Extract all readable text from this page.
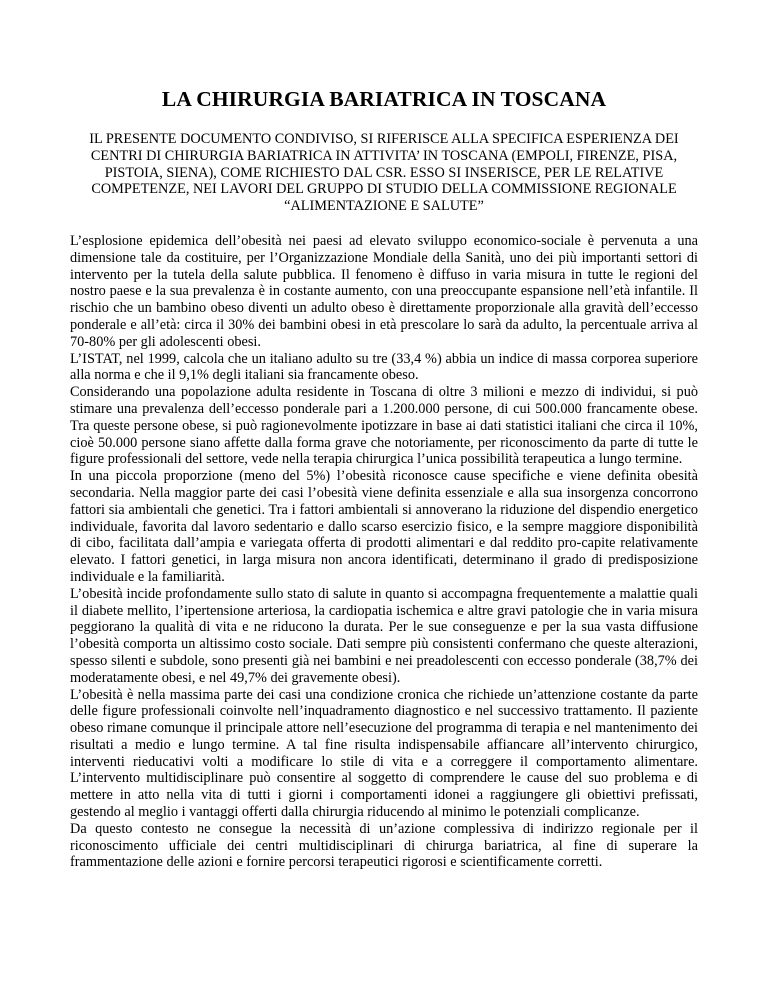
LA CHIRURGIA BARIATRICA IN TOSCANA

IL PRESENTE DOCUMENTO CONDIVISO, SI RIFERISCE ALLA SPECIFICA ESPERIENZA DEI CENTRI DI CHIRURGIA BARIATRICA IN ATTIVITA’ IN TOSCANA (EMPOLI, FIRENZE, PISA, PISTOIA, SIENA), COME RICHIESTO DAL CSR. ESSO SI INSERISCE, PER LE RELATIVE COMPETENZE, NEI LAVORI DEL GRUPPO DI STUDIO DELLA COMMISSIONE REGIONALE “ALIMENTAZIONE E SALUTE”

L’esplosione epidemica dell’obesità nei paesi ad elevato sviluppo economico-sociale è pervenuta a una dimensione tale da costituire, per l’Organizzazione Mondiale della Sanità, uno dei più importanti settori di intervento per la tutela della salute pubblica. Il fenomeno è diffuso in varia misura in tutte le regioni del nostro paese e la sua prevalenza è in costante aumento, con una preoccupante espansione nell’età infantile. Il rischio che un bambino obeso diventi un adulto obeso è direttamente proporzionale alla gravità dell’eccesso ponderale e all’età: circa il 30% dei bambini obesi in età prescolare lo sarà da adulto, la percentuale arriva al 70-80% per gli adolescenti obesi.

L’ISTAT, nel 1999, calcola che un italiano adulto su tre (33,4 %) abbia un indice di massa corporea superiore alla norma e che il 9,1% degli italiani sia francamente obeso.

Considerando una popolazione adulta residente in Toscana di oltre 3 milioni e mezzo di individui, si può stimare una prevalenza dell’eccesso ponderale pari a 1.200.000 persone, di cui 500.000 francamente obese. Tra queste persone obese, si può ragionevolmente ipotizzare in base ai dati statistici italiani che circa il 10%, cioè 50.000 persone siano affette dalla forma grave che notoriamente, per riconoscimento da parte di tutte le figure professionali del settore, vede nella terapia chirurgica l’unica possibilità terapeutica a lungo termine.

In una piccola proporzione (meno del 5%) l’obesità riconosce cause specifiche e viene definita obesità secondaria. Nella maggior parte dei casi l’obesità viene definita essenziale e alla sua insorgenza concorrono fattori sia ambientali che genetici. Tra i fattori ambientali si annoverano la riduzione del dispendio energetico individuale, favorita dal lavoro sedentario e dallo scarso esercizio fisico, e la sempre maggiore disponibilità di cibo, facilitata dall’ampia e variegata offerta di prodotti alimentari e dal reddito pro-capite relativamente elevato. I fattori genetici, in larga misura non ancora identificati, determinano il grado di predisposizione individuale e la familiarità.

L’obesità incide profondamente sullo stato di salute in quanto si accompagna frequentemente a malattie quali il diabete mellito, l’ipertensione arteriosa, la cardiopatia ischemica e altre gravi patologie che in varia misura peggiorano la qualità di vita e ne riducono la durata. Per le sue conseguenze e per la sua vasta diffusione l’obesità comporta un altissimo costo sociale. Dati sempre più consistenti confermano che queste alterazioni, spesso silenti e subdole, sono presenti già nei bambini e nei preadolescenti con eccesso ponderale (38,7% dei moderatamente obesi, e nel 49,7% dei gravemente obesi).

L’obesità è nella massima parte dei casi una condizione cronica che richiede un’attenzione costante da parte delle figure professionali coinvolte nell’inquadramento diagnostico e nel successivo trattamento. Il paziente obeso rimane comunque il principale attore nell’esecuzione del programma di terapia e nel mantenimento dei risultati a medio e lungo termine. A tal fine risulta indispensabile affiancare all’intervento chirurgico, interventi rieducativi volti a modificare lo stile di vita e a correggere il comportamento alimentare. L’intervento multidisciplinare può consentire al soggetto di comprendere le cause del suo problema e di mettere in atto nella vita di tutti i giorni i comportamenti idonei a raggiungere gli obiettivi prefissati, gestendo al meglio i vantaggi offerti dalla chirurgia riducendo al minimo le potenziali complicanze.

Da questo contesto ne consegue la necessità di un’azione complessiva di indirizzo regionale per il riconoscimento ufficiale dei centri multidisciplinari di chirurga bariatrica, al fine di superare la frammentazione delle azioni e fornire percorsi terapeutici rigorosi e scientificamente corretti.
